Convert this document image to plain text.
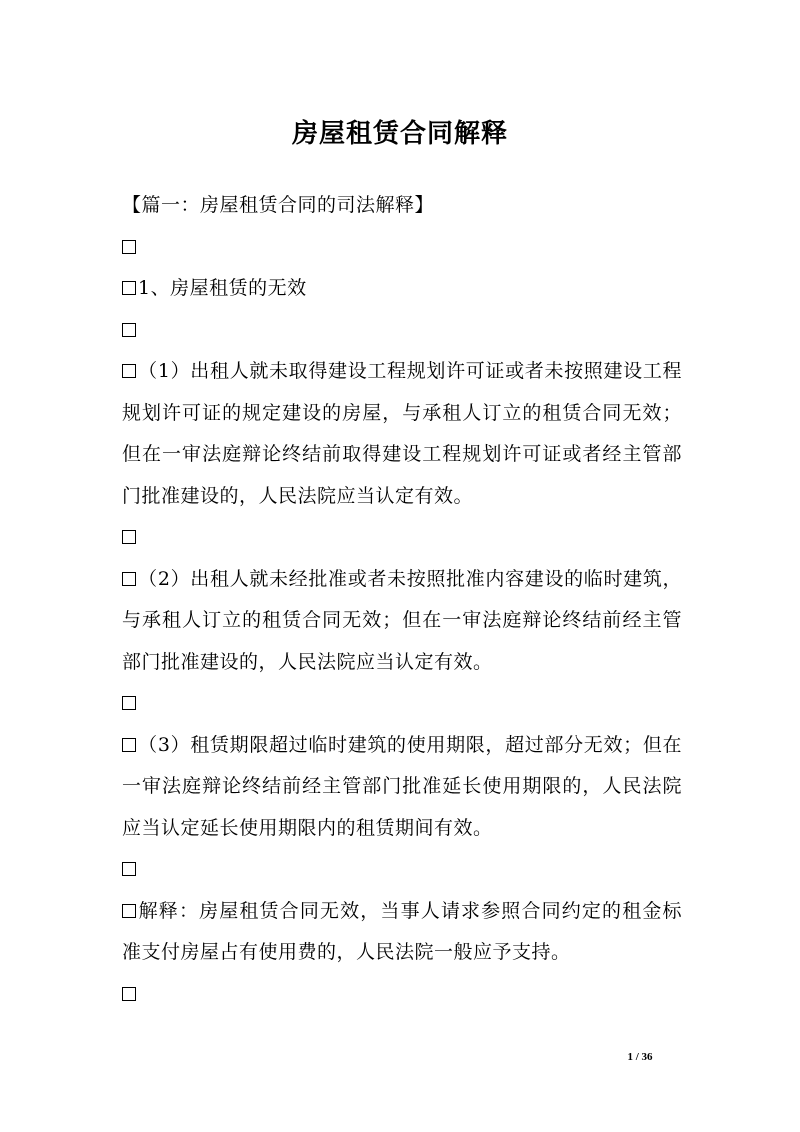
房屋租赁合同解释

【篇一：房屋租赁合同的司法解释】

1、房屋租赁的无效

（1）出租人就未取得建设工程规划许可证或者未按照建设工程规划许可证的规定建设的房屋，与承租人订立的租赁合同无效；但在一审法庭辩论终结前取得建设工程规划许可证或者经主管部门批准建设的，人民法院应当认定有效。

（2）出租人就未经批准或者未按照批准内容建设的临时建筑，与承租人订立的租赁合同无效；但在一审法庭辩论终结前经主管部门批准建设的，人民法院应当认定有效。

（3）租赁期限超过临时建筑的使用期限，超过部分无效；但在一审法庭辩论终结前经主管部门批准延长使用期限的，人民法院应当认定延长使用期限内的租赁期间有效。

解释：房屋租赁合同无效，当事人请求参照合同约定的租金标准支付房屋占有使用费的，人民法院一般应予支持。

1 / 36
